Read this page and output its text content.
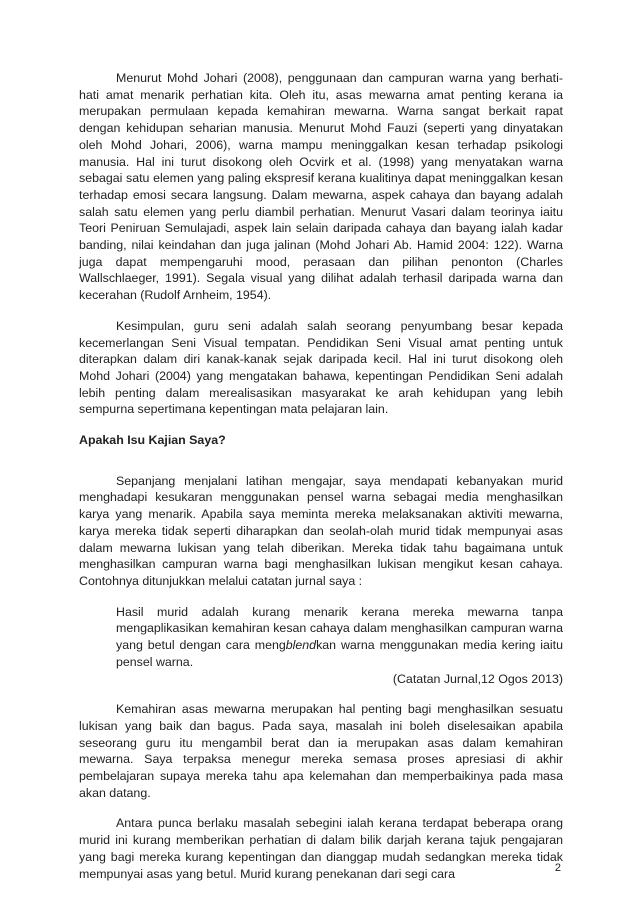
Menurut Mohd Johari (2008), penggunaan dan campuran warna yang berhati-hati amat menarik perhatian kita. Oleh itu, asas mewarna amat penting kerana ia merupakan permulaan kepada kemahiran mewarna. Warna sangat berkait rapat dengan kehidupan seharian manusia. Menurut Mohd Fauzi (seperti yang dinyatakan oleh Mohd Johari, 2006), warna mampu meninggalkan kesan terhadap psikologi manusia. Hal ini turut disokong oleh Ocvirk et al. (1998) yang menyatakan warna sebagai satu elemen yang paling ekspresif kerana kualitinya dapat meninggalkan kesan terhadap emosi secara langsung. Dalam mewarna, aspek cahaya dan bayang adalah salah satu elemen yang perlu diambil perhatian. Menurut Vasari dalam teorinya iaitu Teori Peniruan Semulajadi, aspek lain selain daripada cahaya dan bayang ialah kadar banding, nilai keindahan dan juga jalinan (Mohd Johari Ab. Hamid 2004: 122). Warna juga dapat mempengaruhi mood, perasaan dan pilihan penonton (Charles Wallschlaeger, 1991). Segala visual yang dilihat adalah terhasil daripada warna dan kecerahan (Rudolf Arnheim, 1954).

Kesimpulan, guru seni adalah salah seorang penyumbang besar kepada kecemerlangan Seni Visual tempatan. Pendidikan Seni Visual amat penting untuk diterapkan dalam diri kanak-kanak sejak daripada kecil. Hal ini turut disokong oleh Mohd Johari (2004) yang mengatakan bahawa, kepentingan Pendidikan Seni adalah lebih penting dalam merealisasikan masyarakat ke arah kehidupan yang lebih sempurna sepertimana kepentingan mata pelajaran lain.

Apakah Isu Kajian Saya?

Sepanjang menjalani latihan mengajar, saya mendapati kebanyakan murid menghadapi kesukaran menggunakan pensel warna sebagai media menghasilkan karya yang menarik. Apabila saya meminta mereka melaksanakan aktiviti mewarna, karya mereka tidak seperti diharapkan dan seolah-olah murid tidak mempunyai asas dalam mewarna lukisan yang telah diberikan. Mereka tidak tahu bagaimana untuk menghasilkan campuran warna bagi menghasilkan lukisan mengikut kesan cahaya. Contohnya ditunjukkan melalui catatan jurnal saya :

Hasil murid adalah kurang menarik kerana mereka mewarna tanpa mengaplikasikan kemahiran kesan cahaya dalam menghasilkan campuran warna yang betul dengan cara mengblendkan warna menggunakan media kering iaitu pensel warna.

(Catatan Jurnal,12 Ogos 2013)

Kemahiran asas mewarna merupakan hal penting bagi menghasilkan sesuatu lukisan yang baik dan bagus. Pada saya, masalah ini boleh diselesaikan apabila seseorang guru itu mengambil berat dan ia merupakan asas dalam kemahiran mewarna. Saya terpaksa menegur mereka semasa proses apresiasi di akhir pembelajaran supaya mereka tahu apa kelemahan dan memperbaikinya pada masa akan datang.

Antara punca berlaku masalah sebegini ialah kerana terdapat beberapa orang murid ini kurang memberikan perhatian di dalam bilik darjah kerana tajuk pengajaran yang bagi mereka kurang kepentingan dan dianggap mudah sedangkan mereka tidak mempunyai asas yang betul. Murid kurang penekanan dari segi cara	2
